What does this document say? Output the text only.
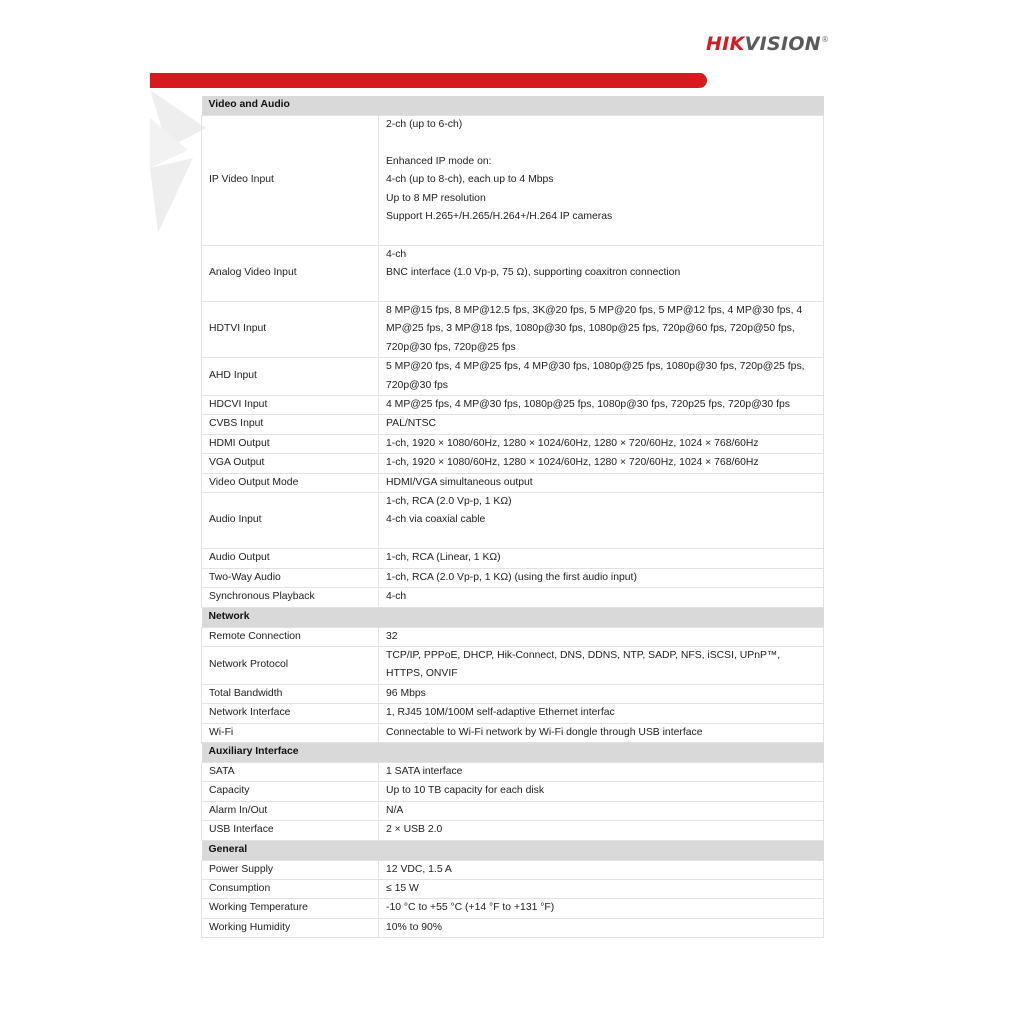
HIKVISION®
Video and Audio	
IP Video Input	2-ch (up to 6-ch)
Enhanced IP mode on:
4-ch (up to 8-ch), each up to 4 Mbps
Up to 8 MP resolution
Support H.265+/H.265/H.264+/H.264 IP cameras

Analog Video Input	4-ch
BNC interface (1.0 Vp-p, 75 Ω), supporting coaxitron connection

HDTVI Input	8 MP@15 fps, 8 MP@12.5 fps, 3K@20 fps, 5 MP@20 fps, 5 MP@12 fps, 4 MP@30 fps, 4 MP@25 fps, 3 MP@18 fps, 1080p@30 fps, 1080p@25 fps, 720p@60 fps, 720p@50 fps, 720p@30 fps, 720p@25 fps

AHD Input	5 MP@20 fps, 4 MP@25 fps, 4 MP@30 fps, 1080p@25 fps, 1080p@30 fps, 720p@25 fps, 720p@30 fps

HDCVI Input	4 MP@25 fps, 4 MP@30 fps, 1080p@25 fps, 1080p@30 fps, 720p25 fps, 720p@30 fps

CVBS Input	PAL/NTSC

HDMI Output	1-ch, 1920 × 1080/60Hz, 1280 × 1024/60Hz, 1280 × 720/60Hz, 1024 × 768/60Hz

VGA Output	1-ch, 1920 × 1080/60Hz, 1280 × 1024/60Hz, 1280 × 720/60Hz, 1024 × 768/60Hz

Video Output Mode	HDMI/VGA simultaneous output

Audio Input	1-ch, RCA (2.0 Vp-p, 1 KΩ)
4-ch via coaxial cable

Audio Output	1-ch, RCA (Linear, 1 KΩ)

Two-Way Audio	1-ch, RCA (2.0 Vp-p, 1 KΩ) (using the first audio input)

Synchronous Playback	4-ch

Network	
Remote Connection	32

Network Protocol	TCP/IP, PPPoE, DHCP, Hik-Connect, DNS, DDNS, NTP, SADP, NFS, iSCSI, UPnP™, HTTPS, ONVIF

Total Bandwidth	96 Mbps

Network Interface	1, RJ45 10M/100M self-adaptive Ethernet interfac

Wi-Fi	Connectable to Wi-Fi network by Wi-Fi dongle through USB interface

Auxiliary Interface	
SATA	1 SATA interface

Capacity	Up to 10 TB capacity for each disk

Alarm In/Out	N/A

USB Interface	2 × USB 2.0

General	
Power Supply	12 VDC, 1.5 A

Consumption	≤ 15 W

Working Temperature	-10 °C to +55 °C (+14 °F to +131 °F)

Working Humidity	10% to 90%
